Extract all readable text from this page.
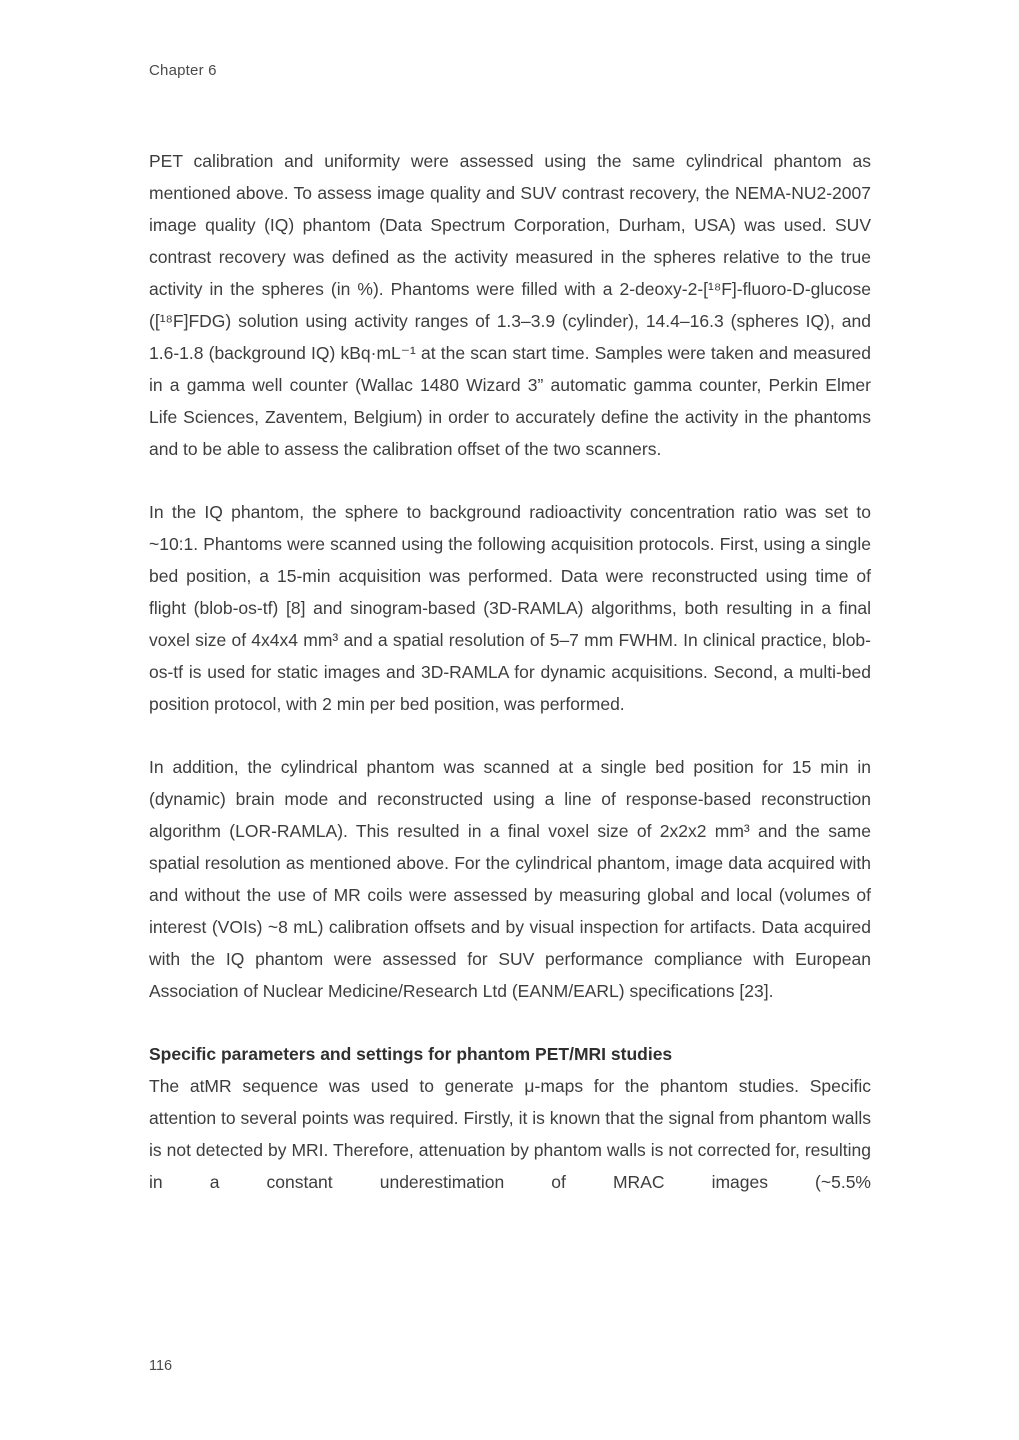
Chapter 6

PET calibration and uniformity were assessed using the same cylindrical phantom as mentioned above. To assess image quality and SUV contrast recovery, the NEMA-NU2-2007 image quality (IQ) phantom (Data Spectrum Corporation, Durham, USA) was used. SUV contrast recovery was defined as the activity measured in the spheres relative to the true activity in the spheres (in %). Phantoms were filled with a 2-deoxy-2-[¹⁸F]-fluoro-D-glucose ([¹⁸F]FDG) solution using activity ranges of 1.3–3.9 (cylinder), 14.4–16.3 (spheres IQ), and 1.6-1.8 (background IQ) kBq·mL⁻¹ at the scan start time. Samples were taken and measured in a gamma well counter (Wallac 1480 Wizard 3” automatic gamma counter, Perkin Elmer Life Sciences, Zaventem, Belgium) in order to accurately define the activity in the phantoms and to be able to assess the calibration offset of the two scanners.

In the IQ phantom, the sphere to background radioactivity concentration ratio was set to ~10:1. Phantoms were scanned using the following acquisition protocols. First, using a single bed position, a 15-min acquisition was performed. Data were reconstructed using time of flight (blob-os-tf) [8] and sinogram-based (3D-RAMLA) algorithms, both resulting in a final voxel size of 4x4x4 mm³ and a spatial resolution of 5–7 mm FWHM. In clinical practice, blob-os-tf is used for static images and 3D-RAMLA for dynamic acquisitions. Second, a multi-bed position protocol, with 2 min per bed position, was performed.

In addition, the cylindrical phantom was scanned at a single bed position for 15 min in (dynamic) brain mode and reconstructed using a line of response-based reconstruction algorithm (LOR-RAMLA). This resulted in a final voxel size of 2x2x2 mm³ and the same spatial resolution as mentioned above. For the cylindrical phantom, image data acquired with and without the use of MR coils were assessed by measuring global and local (volumes of interest (VOIs) ~8 mL) calibration offsets and by visual inspection for artifacts. Data acquired with the IQ phantom were assessed for SUV performance compliance with European Association of Nuclear Medicine/Research Ltd (EANM/EARL) specifications [23].

Specific parameters and settings for phantom PET/MRI studies

The atMR sequence was used to generate μ-maps for the phantom studies. Specific attention to several points was required. Firstly, it is known that the signal from phantom walls is not detected by MRI. Therefore, attenuation by phantom walls is not corrected for, resulting in a constant underestimation of MRAC images (~5.5%

116
